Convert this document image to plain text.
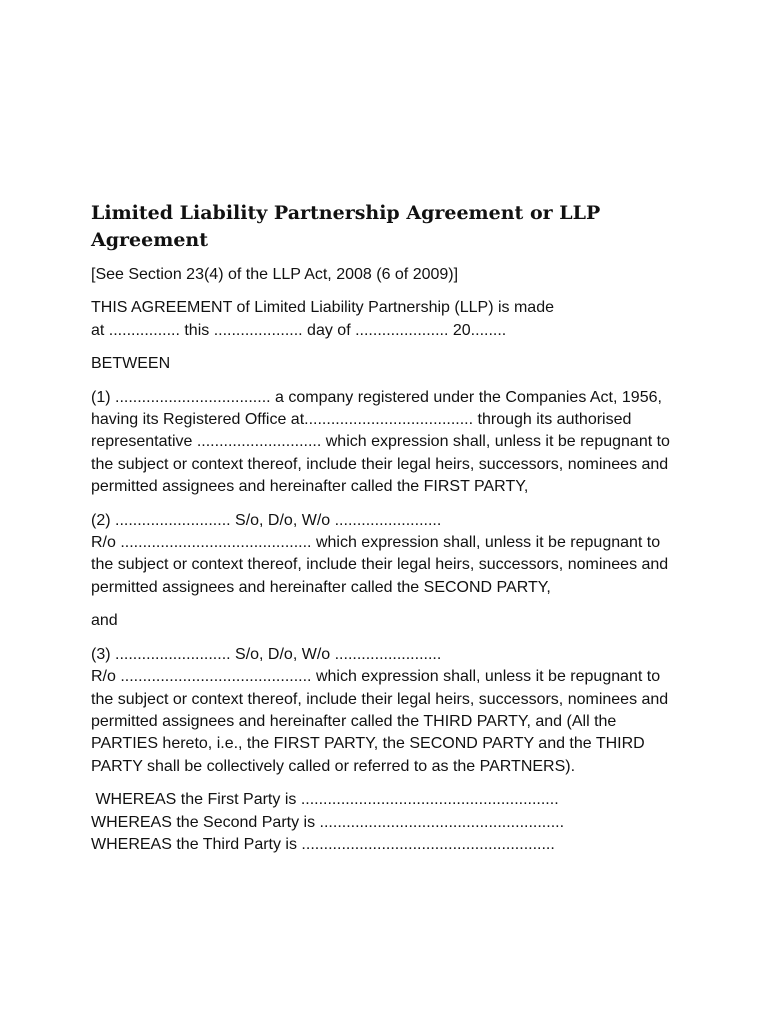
Limited Liability Partnership Agreement or LLP Agreement

[See Section 23(4) of the LLP Act, 2008 (6 of 2009)]

THIS AGREEMENT of Limited Liability Partnership (LLP) is made
at ................ this .................... day of ..................... 20........

BETWEEN

(1) ................................... a company registered under the Companies Act, 1956, having its Registered Office at...................................... through its authorised representative ............................ which expression shall, unless it be repugnant to the subject or context thereof, include their legal heirs, successors, nominees and permitted assignees and hereinafter called the FIRST PARTY,

(2) .......................... S/o, D/o, W/o ........................
R/o ........................................... which expression shall, unless it be repugnant to the subject or context thereof, include their legal heirs, successors, nominees and permitted assignees and hereinafter called the SECOND PARTY,

and

(3) .......................... S/o, D/o, W/o ........................
R/o ........................................... which expression shall, unless it be repugnant to the subject or context thereof, include their legal heirs, successors, nominees and permitted assignees and hereinafter called the THIRD PARTY, and (All the PARTIES hereto, i.e., the FIRST PARTY, the SECOND PARTY and the THIRD PARTY shall be collectively called or referred to as the PARTNERS).

WHEREAS the First Party is ..........................................................
WHEREAS the Second Party is .......................................................
WHEREAS the Third Party is .........................................................
